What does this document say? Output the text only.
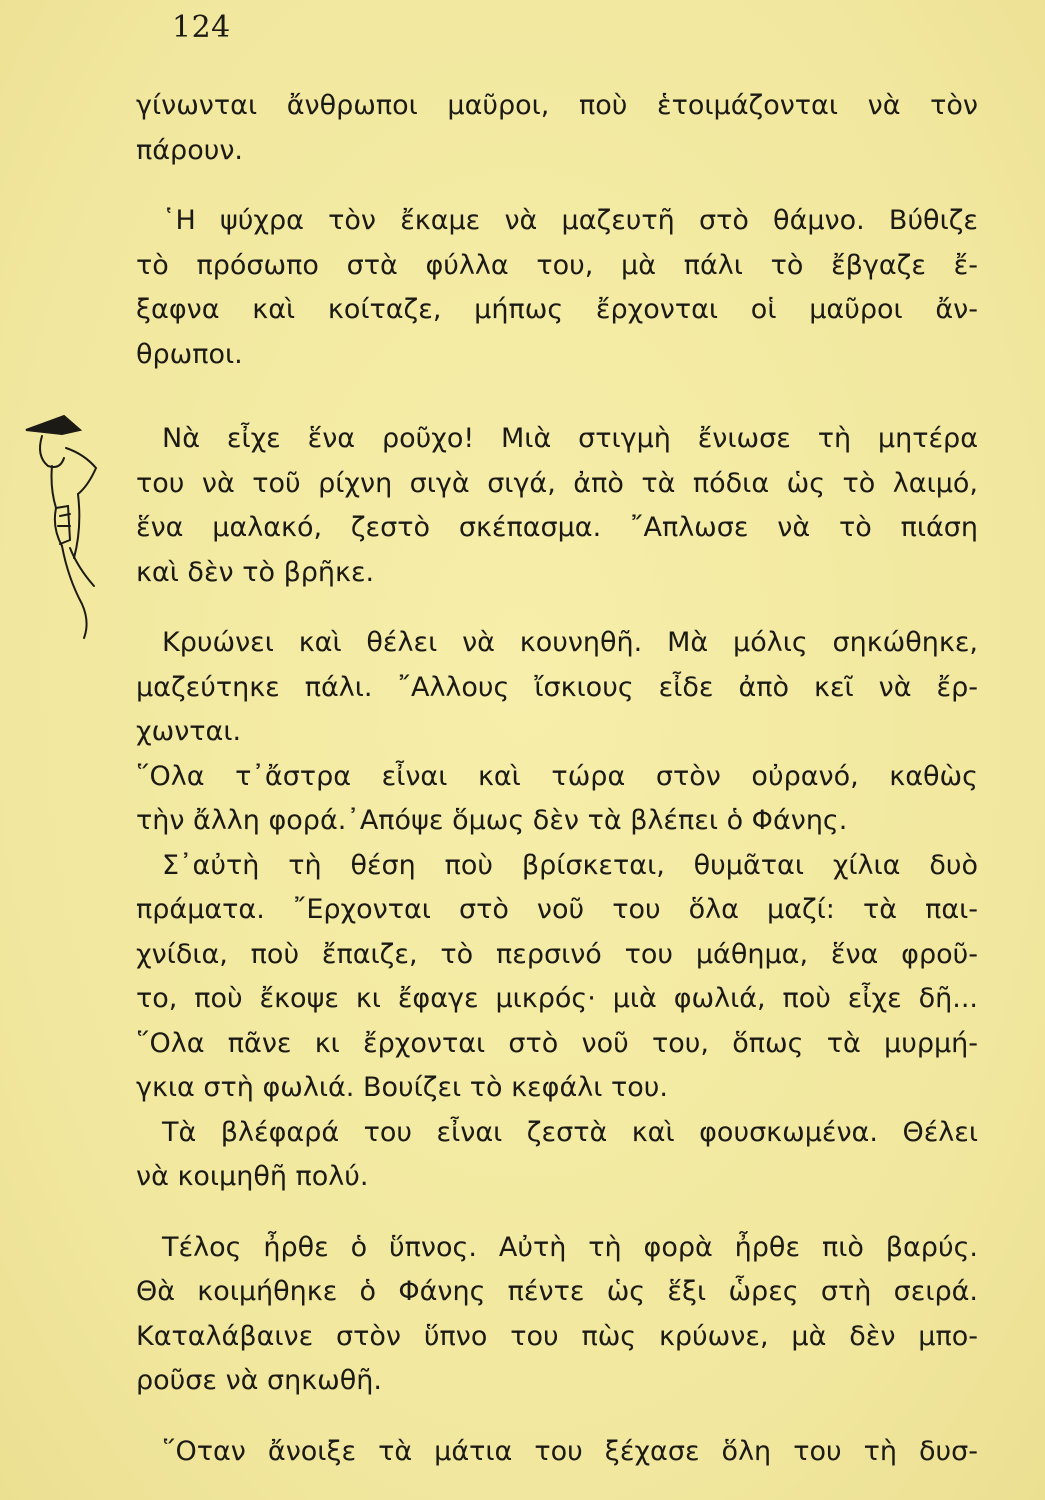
124
γίνωνται ἄνθρωποι μαῦροι, ποὺ ἑτοιμάζονται νὰ τὸν
πάρουν.
῾Η ψύχρα τὸν ἔκαμε νὰ μαζευτῆ στὸ θάμνο. Βύθιζε
τὸ πρόσωπο στὰ φύλλα του, μὰ πάλι τὸ ἔβγαζε ἔ-
ξαφνα καὶ κοίταζε, μήπως ἔρχονται οἱ μαῦροι ἄν-
θρωποι.
Νὰ εἶχε ἕνα ροῦχο! Μιὰ στιγμὴ ἔνιωσε τὴ μητέρα
του νὰ τοῦ ρίχνη σιγὰ σιγά, ἀπὸ τὰ πόδια ὡς τὸ λαιμό,
ἕνα μαλακό, ζεστὸ σκέπασμα. ῎Απλωσε νὰ τὸ πιάση
καὶ δὲν τὸ βρῆκε.
Κρυώνει καὶ θέλει νὰ κουνηθῆ. Μὰ μόλις σηκώθηκε,
μαζεύτηκε πάλι. ῎Αλλους ἴσκιους εἶδε ἀπὸ κεῖ νὰ ἔρ-
χωνται.
῞Ολα τ᾿ἄστρα εἶναι καὶ τώρα στὸν οὐρανό, καθὼς
τὴν ἄλλη φορά.᾿Απόψε ὅμως δὲν τὰ βλέπει ὁ Φάνης.
Σ᾿αὐτὴ τὴ θέση ποὺ βρίσκεται, θυμᾶται χίλια δυὸ
πράματα. ῎Ερχονται στὸ νοῦ του ὅλα μαζί: τὰ παι-
χνίδια, ποὺ ἔπαιζε, τὸ περσινό του μάθημα, ἕνα φροῦ-
το, ποὺ ἔκοψε κι ἔφαγε μικρός· μιὰ φωλιά, ποὺ εἶχε δῆ...
῞Ολα πᾶνε κι ἔρχονται στὸ νοῦ του, ὅπως τὰ μυρμή-
γκια στὴ φωλιά. Βουίζει τὸ κεφάλι του.
Τὰ βλέφαρά του εἶναι ζεστὰ καὶ φουσκωμένα. Θέλει
νὰ κοιμηθῆ πολύ.
Τέλος ἦρθε ὁ ὕπνος. Αὐτὴ τὴ φορὰ ἦρθε πιὸ βαρύς.
Θὰ κοιμήθηκε ὁ Φάνης πέντε ὡς ἕξι ὧρες στὴ σειρά.
Καταλάβαινε στὸν ὕπνο του πὼς κρύωνε, μὰ δὲν μπο-
ροῦσε νὰ σηκωθῆ.
῞Οταν ἄνοιξε τὰ μάτια του ξέχασε ὅλη του τὴ δυσ-
